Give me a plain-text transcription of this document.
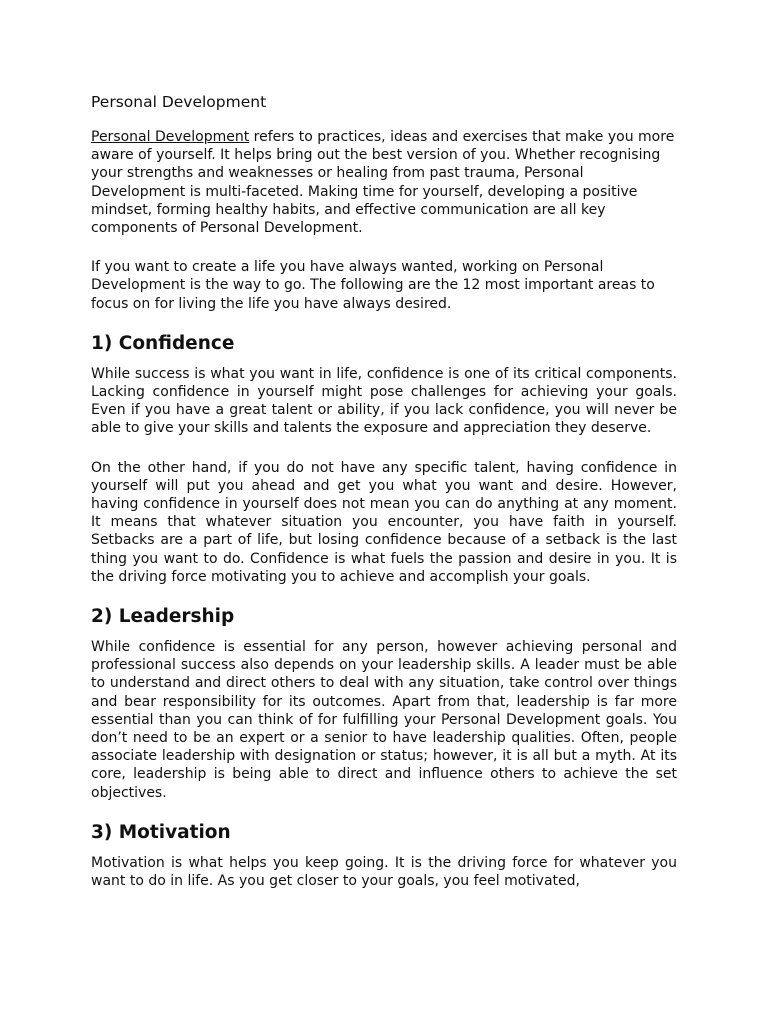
Personal Development

Personal Development refers to practices, ideas and exercises that make you more aware of yourself. It helps bring out the best version of you. Whether recognising your strengths and weaknesses or healing from past trauma, Personal Development is multi-faceted. Making time for yourself, developing a positive mindset, forming healthy habits, and effective communication are all key components of Personal Development.

If you want to create a life you have always wanted, working on Personal Development is the way to go. The following are the 12 most important areas to focus on for living the life you have always desired.

1) Confidence

While success is what you want in life, confidence is one of its critical components. Lacking confidence in yourself might pose challenges for achieving your goals. Even if you have a great talent or ability, if you lack confidence, you will never be able to give your skills and talents the exposure and appreciation they deserve.

On the other hand, if you do not have any specific talent, having confidence in yourself will put you ahead and get you what you want and desire. However, having confidence in yourself does not mean you can do anything at any moment. It means that whatever situation you encounter, you have faith in yourself. Setbacks are a part of life, but losing confidence because of a setback is the last thing you want to do. Confidence is what fuels the passion and desire in you. It is the driving force motivating you to achieve and accomplish your goals.

2) Leadership

While confidence is essential for any person, however achieving personal and professional success also depends on your leadership skills. A leader must be able to understand and direct others to deal with any situation, take control over things and bear responsibility for its outcomes. Apart from that, leadership is far more essential than you can think of for fulfilling your Personal Development goals. You don’t need to be an expert or a senior to have leadership qualities. Often, people associate leadership with designation or status; however, it is all but a myth. At its core, leadership is being able to direct and influence others to achieve the set objectives.

3) Motivation

Motivation is what helps you keep going. It is the driving force for whatever you want to do in life. As you get closer to your goals, you feel motivated,
